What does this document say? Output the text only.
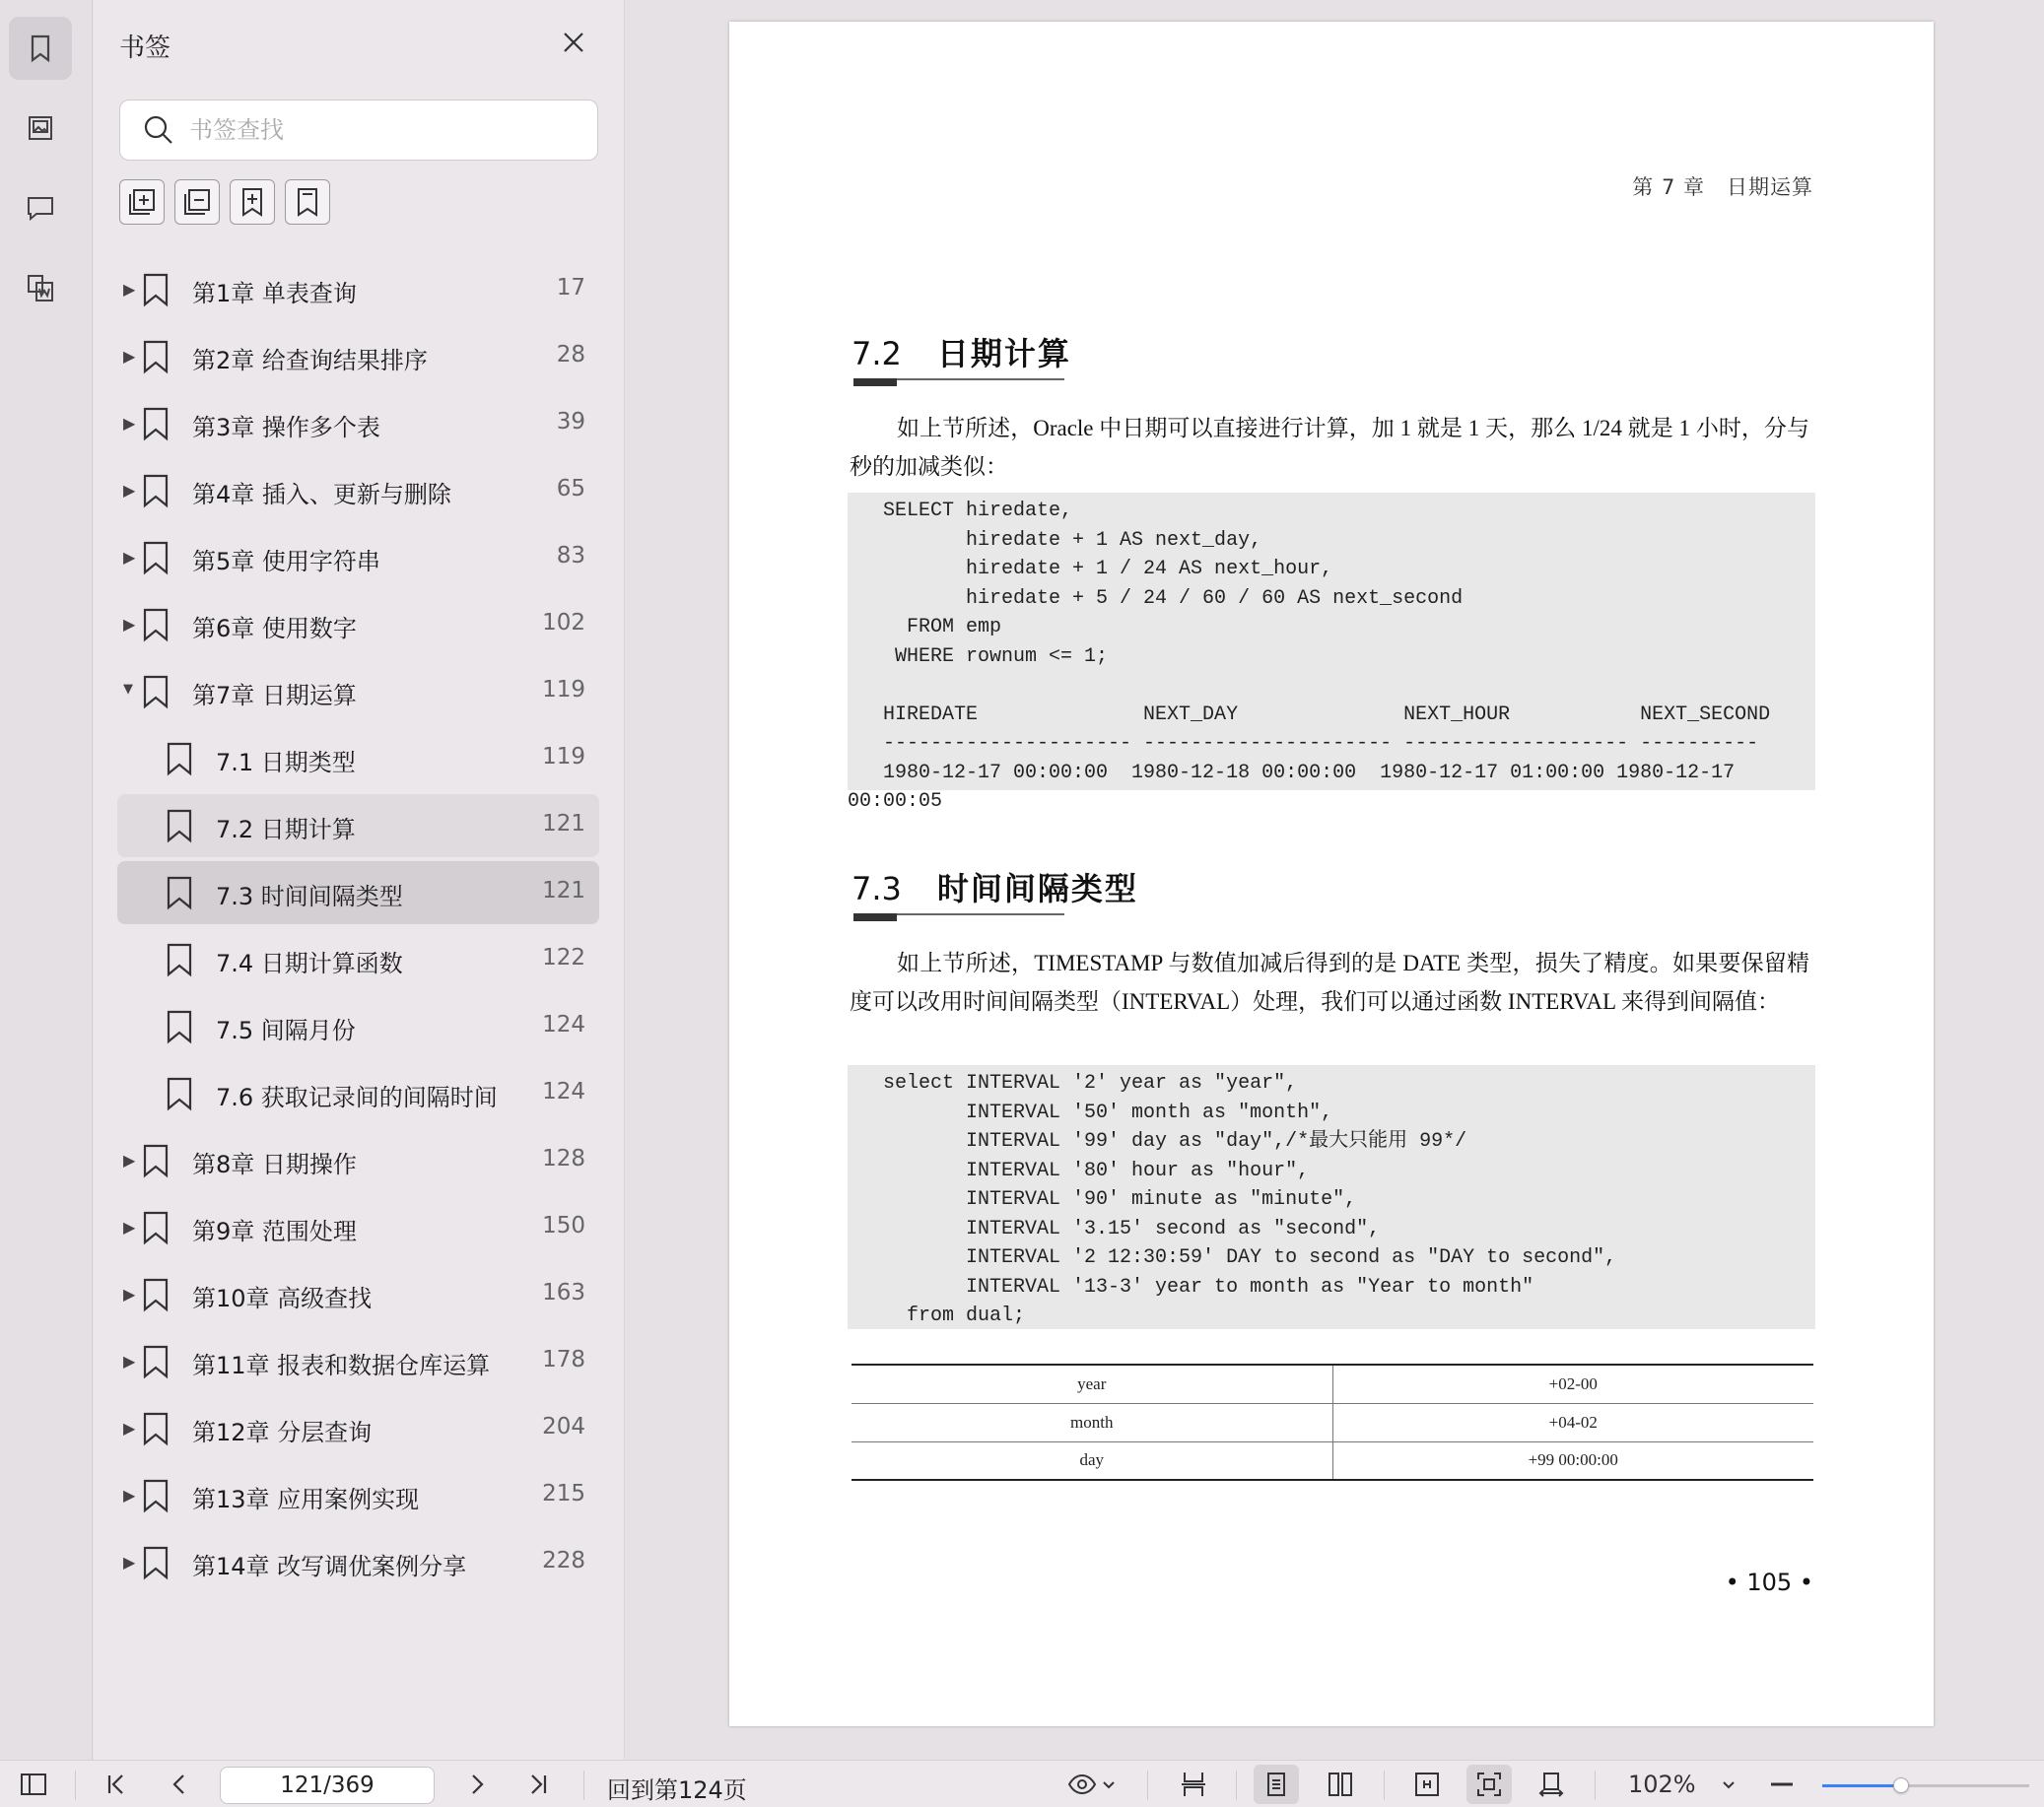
书签
书签查找
▶ 第1章 单表查询	17
▶ 第2章 给查询结果排序	28
▶ 第3章 操作多个表	39
▶ 第4章 插入、更新与删除	65
▶ 第5章 使用字符串	83
▶ 第6章 使用数字	102
▼	第7章 日期运算	119
7.1 日期类型	119
7.2 日期计算	121
7.3 时间间隔类型	121
7.4 日期计算函数	122
7.5 间隔月份	124
7.6 获取记录间的间隔时间 124
▶ 第8章 日期操作	128
▶ 第9章 范围处理	150
▶ 第10章 高级查找	163
▶ 第11章 报表和数据仓库运算 178
▶ 第12章 分层查询	204
▶ 第13章 应用案例实现	215
▶ 第14章 改写调优案例分享	228
第 7 章　日期运算
7.2 日期计算
如上节所述，Oracle 中日期可以直接进行计算，加 1 就是 1 天，那么 1/24 就是 1 小时，分与秒的加减类似：
SELECT hiredate,
hiredate + 1 AS next_day,
hiredate + 1 / 24 AS next_hour,
hiredate + 5 / 24 / 60 / 60 AS next_second
FROM emp
WHERE rownum <= 1;
HIREDATE              NEXT_DAY              NEXT_HOUR           NEXT_SECOND
--------------------- --------------------- ------------------- ----------
1980-12-17 00:00:00  1980-12-18 00:00:00  1980-12-17 01:00:00 1980-12-17
00:00:05
7.3 时间间隔类型
如上节所述，TIMESTAMP 与数值加减后得到的是 DATE 类型，损失了精度。如果要保留精度可以改用时间间隔类型（INTERVAL）处理，我们可以通过函数 INTERVAL 来得到间隔值：
select INTERVAL '2' year as "year",
INTERVAL '50' month as "month",
INTERVAL '99' day as "day",/*最大只能用 99*/
INTERVAL '80' hour as "hour",
INTERVAL '90' minute as "minute",
INTERVAL '3.15' second as "second",
INTERVAL '2 12:30:59' DAY to second as "DAY to second",
INTERVAL '13-3' year to month as "Year to month"
from dual;
year	+02-00
month	+04-02
day	+99 00:00:00
• 105 •
121/369
回到第124页	102%
